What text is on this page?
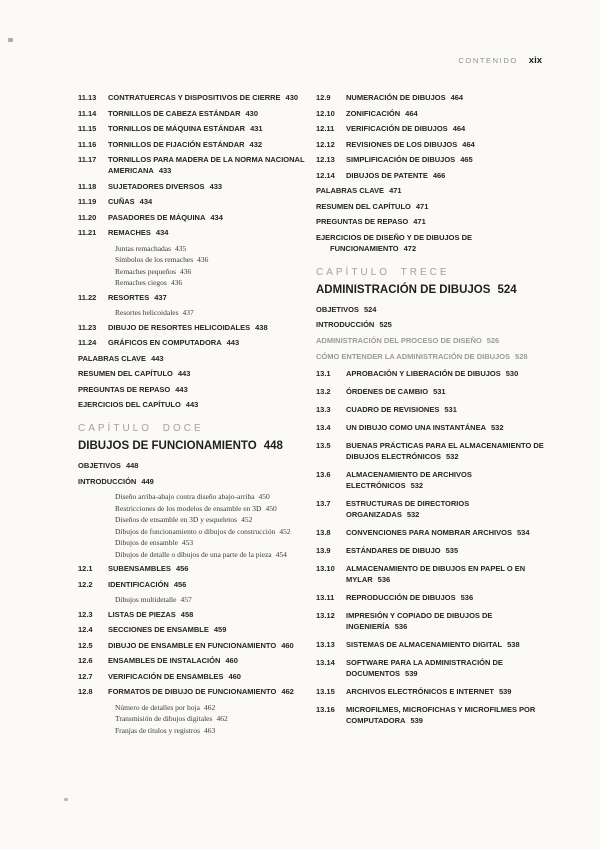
CONTENIDO xix
11.13	CONTRATUERCAS Y DISPOSITIVOS DE CIERRE 430
11.14	TORNILLOS DE CABEZA ESTÁNDAR 430
11.15	TORNILLOS DE MÁQUINA ESTÁNDAR 431
11.16	TORNILLOS DE FIJACIÓN ESTÁNDAR 432
11.17	TORNILLOS PARA MADERA DE LA NORMA NACIONAL AMERICANA 433
11.18	SUJETADORES DIVERSOS 433
11.19	CUÑAS 434
11.20	PASADORES DE MÁQUINA 434
11.21	REMACHES 434
Juntas remachadas 435
Símbolos de los remaches 436
Remaches pequeños 436
Remaches ciegos 436
11.22	RESORTES 437
Resortes helicoidales 437
11.23	DIBUJO DE RESORTES HELICOIDALES 438
11.24	GRÁFICOS EN COMPUTADORA 443
PALABRAS CLAVE 443
RESUMEN DEL CAPÍTULO 443
PREGUNTAS DE REPASO 443
EJERCICIOS DEL CAPÍTULO 443
CAPÍTULO DOCE
DIBUJOS DE FUNCIONAMIENTO 448
OBJETIVOS 448
INTRODUCCIÓN 449
Diseño arriba-abajo contra diseño abajo-arriba 450
Restricciones de los modelos de ensamble en 3D 450
Diseños de ensamble en 3D y esqueletos 452
Dibujos de funcionamiento o dibujos de construcción 452
Dibujos de ensamble 453
Dibujos de detalle o dibujos de una parte de la pieza 454
12.1	SUBENSAMBLES 456
12.2	IDENTIFICACIÓN 456
Dibujos multidetalle 457
12.3	LISTAS DE PIEZAS 458
12.4	SECCIONES DE ENSAMBLE 459
12.5	DIBUJO DE ENSAMBLE EN FUNCIONAMIENTO 460
12.6	ENSAMBLES DE INSTALACIÓN 460
12.7	VERIFICACIÓN DE ENSAMBLES 460
12.8	FORMATOS DE DIBUJO DE FUNCIONAMIENTO 462
Número de detalles por hoja 462
Transmisión de dibujos digitales 462
Franjas de títulos y registros 463
12.9	NUMERACIÓN DE DIBUJOS 464
12.10	ZONIFICACIÓN 464
12.11	VERIFICACIÓN DE DIBUJOS 464
12.12	REVISIONES DE LOS DIBUJOS 464
12.13	SIMPLIFICACIÓN DE DIBUJOS 465
12.14	DIBUJOS DE PATENTE 466
PALABRAS CLAVE 471
RESUMEN DEL CAPÍTULO 471
PREGUNTAS DE REPASO 471
EJERCICIOS DE DISEÑO Y DE DIBUJOS DE FUNCIONAMIENTO 472
CAPÍTULO TRECE
ADMINISTRACIÓN DE DIBUJOS 524
OBJETIVOS 524
INTRODUCCIÓN 525
ADMINISTRACIÓN DEL PROCESO DE DISEÑO 526
CÓMO ENTENDER LA ADMINISTRACIÓN DE DIBUJOS 528
13.1	APROBACIÓN Y LIBERACIÓN DE DIBUJOS 530
13.2	ÓRDENES DE CAMBIO 531
13.3	CUADRO DE REVISIONES 531
13.4	UN DIBUJO COMO UNA INSTANTÁNEA 532
13.5	BUENAS PRÁCTICAS PARA EL ALMACENAMIENTO DE DIBUJOS ELECTRÓNICOS 532
13.6	ALMACENAMIENTO DE ARCHIVOS ELECTRÓNICOS 532
13.7	ESTRUCTURAS DE DIRECTORIOS ORGANIZADAS 532
13.8	CONVENCIONES PARA NOMBRAR ARCHIVOS 534
13.9	ESTÁNDARES DE DIBUJO 535
13.10	ALMACENAMIENTO DE DIBUJOS EN PAPEL O EN MYLAR 536
13.11	REPRODUCCIÓN DE DIBUJOS 536
13.12	IMPRESIÓN Y COPIADO DE DIBUJOS DE INGENIERÍA 536
13.13	SISTEMAS DE ALMACENAMIENTO DIGITAL 538
13.14	SOFTWARE PARA LA ADMINISTRACIÓN DE DOCUMENTOS 539
13.15	ARCHIVOS ELECTRÓNICOS E INTERNET 539
13.16	MICROFILMES, MICROFICHAS Y MICROFILMES POR COMPUTADORA 539
